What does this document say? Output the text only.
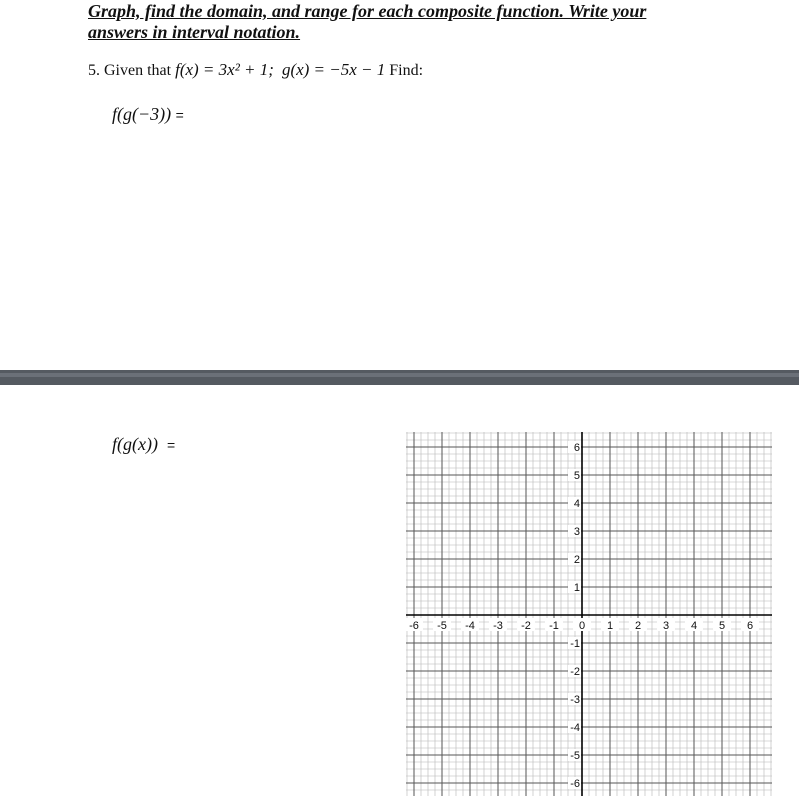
Graph, find the domain, and range for each composite function. Write your
answers in interval notation.
5. Given that f(x) = 3x² + 1; g(x) = −5x − 1 Find:
f(g(−3)) =
f(g(x)) =
-6 -5 -4 -3 -2 -1 0 1 2 3 4 5 6
6
5
4
3
2
1
-1
-2
-3
-4
-5
-6
